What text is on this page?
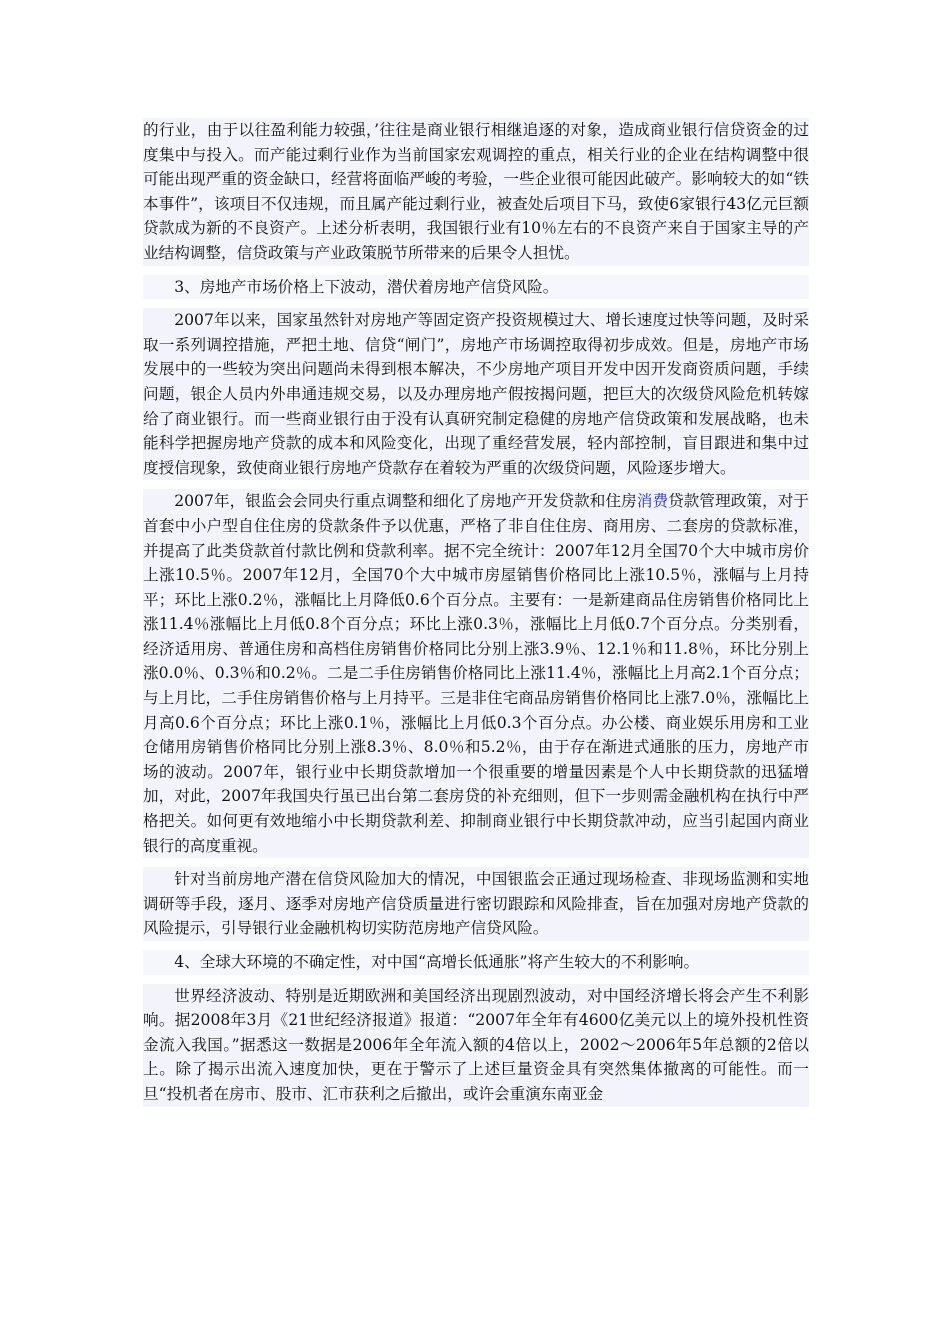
的行业，由于以往盈利能力较强，’往往是商业银行相继追逐的对象，造成商业银行信贷资金的过度集中与投入。而产能过剩行业作为当前国家宏观调控的重点，相关行业的企业在结构调整中很可能出现严重的资金缺口，经营将面临严峻的考验，一些企业很可能因此破产。影响较大的如“铁本事件”，该项目不仅违规，而且属产能过剩行业，被查处后项目下马，致使6家银行43亿元巨额贷款成为新的不良资产。上述分析表明，我国银行业有10％左右的不良资产来自于国家主导的产业结构调整，信贷政策与产业政策脱节所带来的后果令人担忧。

3、房地产市场价格上下波动，潜伏着房地产信贷风险。

2007年以来，国家虽然针对房地产等固定资产投资规模过大、增长速度过快等问题，及时采取一系列调控措施，严把土地、信贷“闸门”，房地产市场调控取得初步成效。但是，房地产市场发展中的一些较为突出问题尚未得到根本解决，不少房地产项目开发中因开发商资质问题，手续问题，银企人员内外串通违规交易，以及办理房地产假按揭问题，把巨大的次级贷风险危机转嫁给了商业银行。而一些商业银行由于没有认真研究制定稳健的房地产信贷政策和发展战略，也未能科学把握房地产贷款的成本和风险变化，出现了重经营发展，轻内部控制，盲目跟进和集中过度授信现象，致使商业银行房地产贷款存在着较为严重的次级贷问题，风险逐步增大。

2007年，银监会会同央行重点调整和细化了房地产开发贷款和住房消费贷款管理政策，对于首套中小户型自住住房的贷款条件予以优惠，严格了非自住住房、商用房、二套房的贷款标准，并提高了此类贷款首付款比例和贷款利率。据不完全统计：2007年12月全国70个大中城市房价上涨10.5％。2007年12月，全国70个大中城市房屋销售价格同比上涨10.5％，涨幅与上月持平；环比上涨0.2％，涨幅比上月降低0.6个百分点。主要有：一是新建商品住房销售价格同比上涨11.4％涨幅比上月低0.8个百分点；环比上涨0.3％，涨幅比上月低0.7个百分点。分类别看，经济适用房、普通住房和高档住房销售价格同比分别上涨3.9％、12.1％和11.8％，环比分别上涨0.0％、0.3％和0.2％。二是二手住房销售价格同比上涨11.4％，涨幅比上月高2.1个百分点；与上月比，二手住房销售价格与上月持平。三是非住宅商品房销售价格同比上涨7.0％，涨幅比上月高0.6个百分点；环比上涨0.1％，涨幅比上月低0.3个百分点。办公楼、商业娱乐用房和工业仓储用房销售价格同比分别上涨8.3％、8.0％和5.2％，由于存在渐进式通胀的压力，房地产市场的波动。2007年，银行业中长期贷款增加一个很重要的增量因素是个人中长期贷款的迅猛增加，对此，2007年我国央行虽已出台第二套房贷的补充细则，但下一步则需金融机构在执行中严格把关。如何更有效地缩小中长期贷款利差、抑制商业银行中长期贷款冲动，应当引起国内商业银行的高度重视。

针对当前房地产潜在信贷风险加大的情况，中国银监会正通过现场检查、非现场监测和实地调研等手段，逐月、逐季对房地产信贷质量进行密切跟踪和风险排查，旨在加强对房地产贷款的风险提示，引导银行业金融机构切实防范房地产信贷风险。

4、全球大环境的不确定性，对中国“高增长低通胀”将产生较大的不利影响。

世界经济波动、特别是近期欧洲和美国经济出现剧烈波动，对中国经济增长将会产生不利影响。据2008年3月《21世纪经济报道》报道：“2007年全年有4600亿美元以上的境外投机性资金流入我国。”据悉这一数据是2006年全年流入额的4倍以上，2002～2006年5年总额的2倍以上。除了揭示出流入速度加快，更在于警示了上述巨量资金具有突然集体撤离的可能性。而一旦“投机者在房市、股市、汇市获利之后撤出，或许会重演东南亚金
